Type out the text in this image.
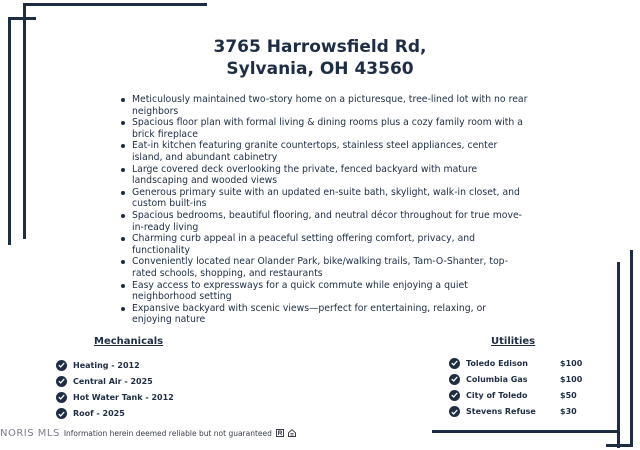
3765 Harrowsfield Rd,
Sylvania, OH 43560
Meticulously maintained two-story home on a picturesque, tree-lined lot with no rear neighbors
Spacious floor plan with formal living & dining rooms plus a cozy family room with a brick fireplace
Eat-in kitchen featuring granite countertops, stainless steel appliances, center island, and abundant cabinetry
Large covered deck overlooking the private, fenced backyard with mature landscaping and wooded views
Generous primary suite with an updated en-suite bath, skylight, walk-in closet, and custom built-ins
Spacious bedrooms, beautiful flooring, and neutral décor throughout for true move-in-ready living
Charming curb appeal in a peaceful setting offering comfort, privacy, and functionality
Conveniently located near Olander Park, bike/walking trails, Tam-O-Shanter, top-rated schools, shopping, and restaurants
Easy access to expressways for a quick commute while enjoying a quiet neighborhood setting
Expansive backyard with scenic views—perfect for entertaining, relaxing, or enjoying nature
Mechanicals	Utilities
Heating - 2012
Central Air - 2025
Hot Water Tank - 2012
Roof - 2025
Toledo Edison	$100
Columbia Gas	$100
City of Toledo	$50
Stevens Refuse	$30
NORIS MLS Information herein deemed reliable but not guaranteed
